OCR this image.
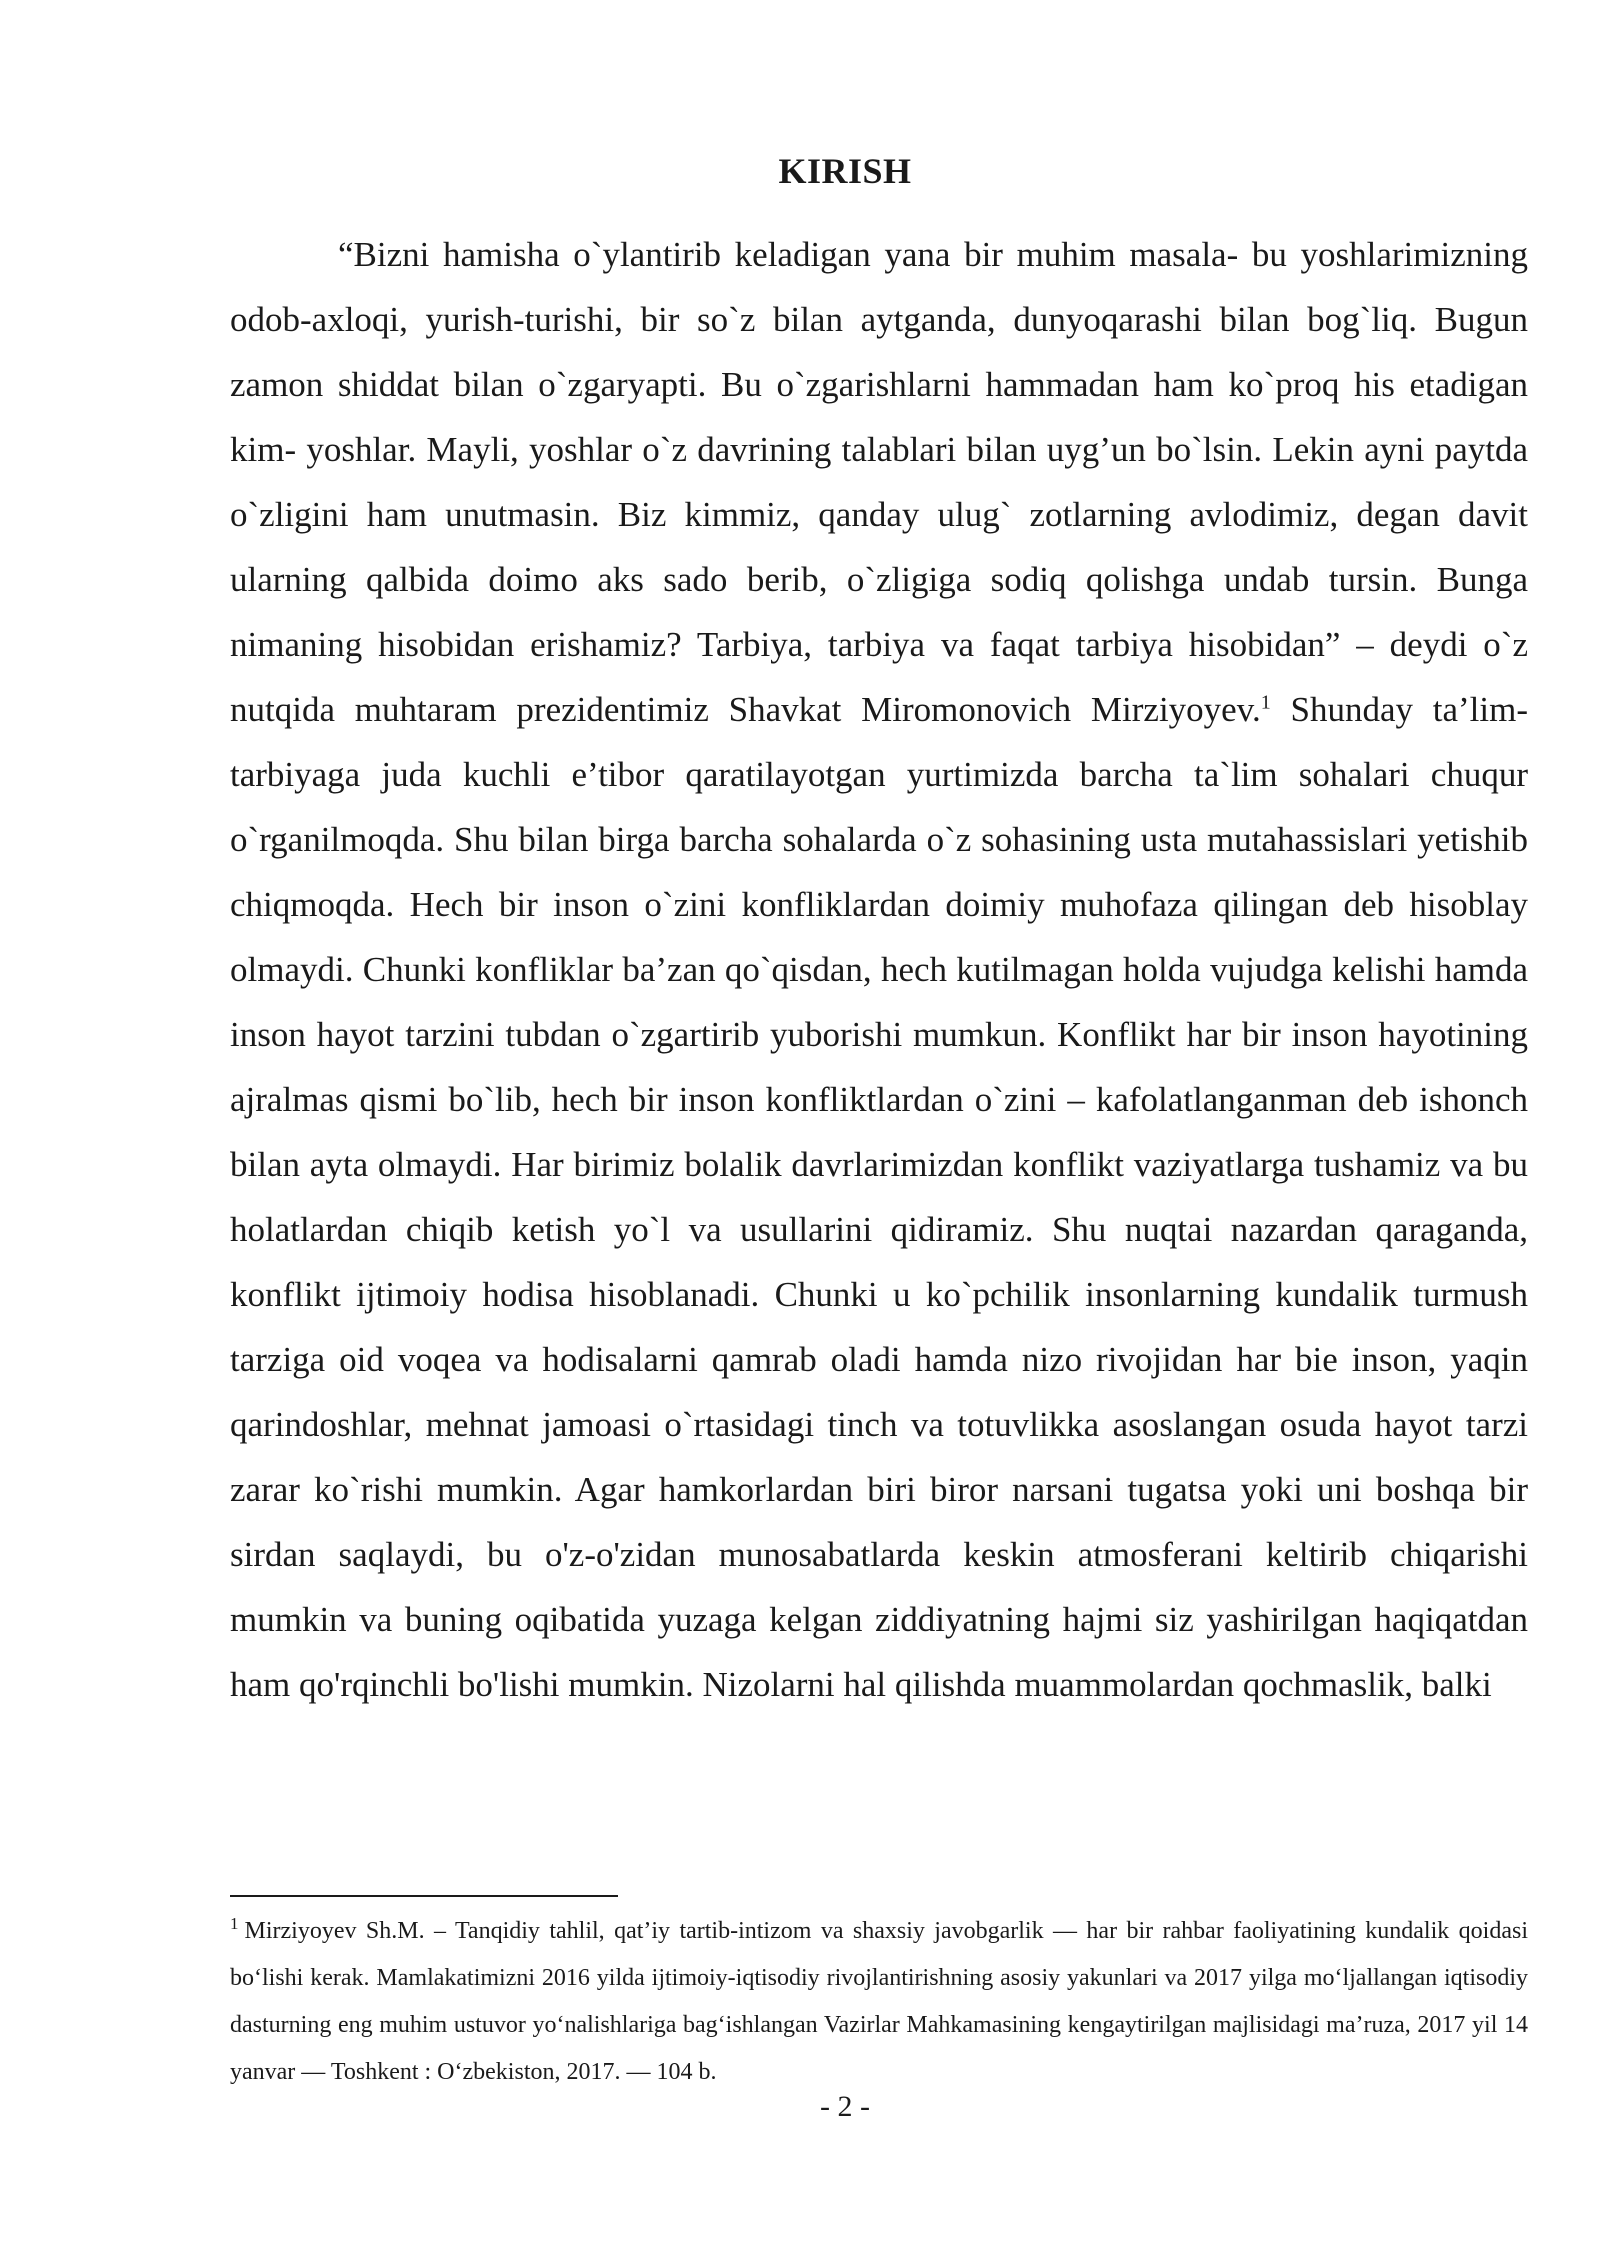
KIRISH

“Bizni hamisha o`ylantirib keladigan yana bir muhim masala- bu yoshlarimizning odob-axloqi, yurish-turishi, bir so`z bilan aytganda, dunyoqarashi bilan bog`liq. Bugun zamon shiddat bilan o`zgaryapti. Bu o`zgarishlarni hammadan ham ko`proq his etadigan kim- yoshlar. Mayli, yoshlar o`z davrining talablari bilan uyg’un bo`lsin. Lekin ayni paytda o`zligini ham unutmasin. Biz kimmiz, qanday ulug` zotlarning avlodimiz, degan davit ularning qalbida doimo aks sado berib, o`zligiga sodiq qolishga undab tursin. Bunga nimaning hisobidan erishamiz? Tarbiya, tarbiya va faqat tarbiya hisobidan” – deydi o`z nutqida muhtaram prezidentimiz Shavkat Miromonovich Mirziyoyev.$^1$ Shunday ta’lim-tarbiyaga juda kuchli e’tibor qaratilayotgan yurtimizda barcha ta`lim sohalari chuqur o`rganilmoqda. Shu bilan birga barcha sohalarda o`z sohasining usta mutahassislari yetishib chiqmoqda. Hech bir inson o`zini konfliklardan doimiy muhofaza qilingan deb hisoblay olmaydi. Chunki konfliklar ba’zan qo`qisdan, hech kutilmagan holda vujudga kelishi hamda inson hayot tarzini tubdan o`zgartirib yuborishi mumkun. Konflikt har bir inson hayotining ajralmas qismi bo`lib, hech bir inson konfliktlardan o`zini – kafolatlanganman deb ishonch bilan ayta olmaydi. Har birimiz bolalik davrlarimizdan konflikt vaziyatlarga tushamiz va bu holatlardan chiqib ketish yo`l va usullarini qidiramiz. Shu nuqtai nazardan qaraganda, konflikt ijtimoiy hodisa hisoblanadi. Chunki u ko`pchilik insonlarning kundalik turmush tarziga oid voqea va hodisalarni qamrab oladi hamda nizo rivojidan har bie inson, yaqin qarindoshlar, mehnat jamoasi o`rtasidagi tinch va totuvlikka asoslangan osuda hayot tarzi zarar ko`rishi mumkin. Agar hamkorlardan biri biror narsani tugatsa yoki uni boshqa bir sirdan saqlaydi, bu o'z-o'zidan munosabatlarda keskin atmosferani keltirib chiqarishi mumkin va buning oqibatida yuzaga kelgan ziddiyatning hajmi siz yashirilgan haqiqatdan ham qo'rqinchli bo'lishi mumkin. Nizolarni hal qilishda muammolardan qochmaslik, balki

$^1$ Mirziyoyev Sh.M. – Tanqidiy tahlil, qat’iy tartib-intizom va shaxsiy javobgarlik — har bir rahbar faoliyatining kundalik qoidasi bo‘lishi kerak. Mamlakatimizni 2016 yilda ijtimoiy-iqtisodiy rivojlantirishning asosiy yakunlari va 2017 yilga mo‘ljallangan iqtisodiy dasturning eng muhim ustuvor yo‘nalishlariga bag‘ishlangan Vazirlar Mahkamasining kengaytirilgan majlisidagi ma’ruza, 2017 yil 14 yanvar — Toshkent : O‘zbekiston, 2017. — 104 b.

- 2 -
